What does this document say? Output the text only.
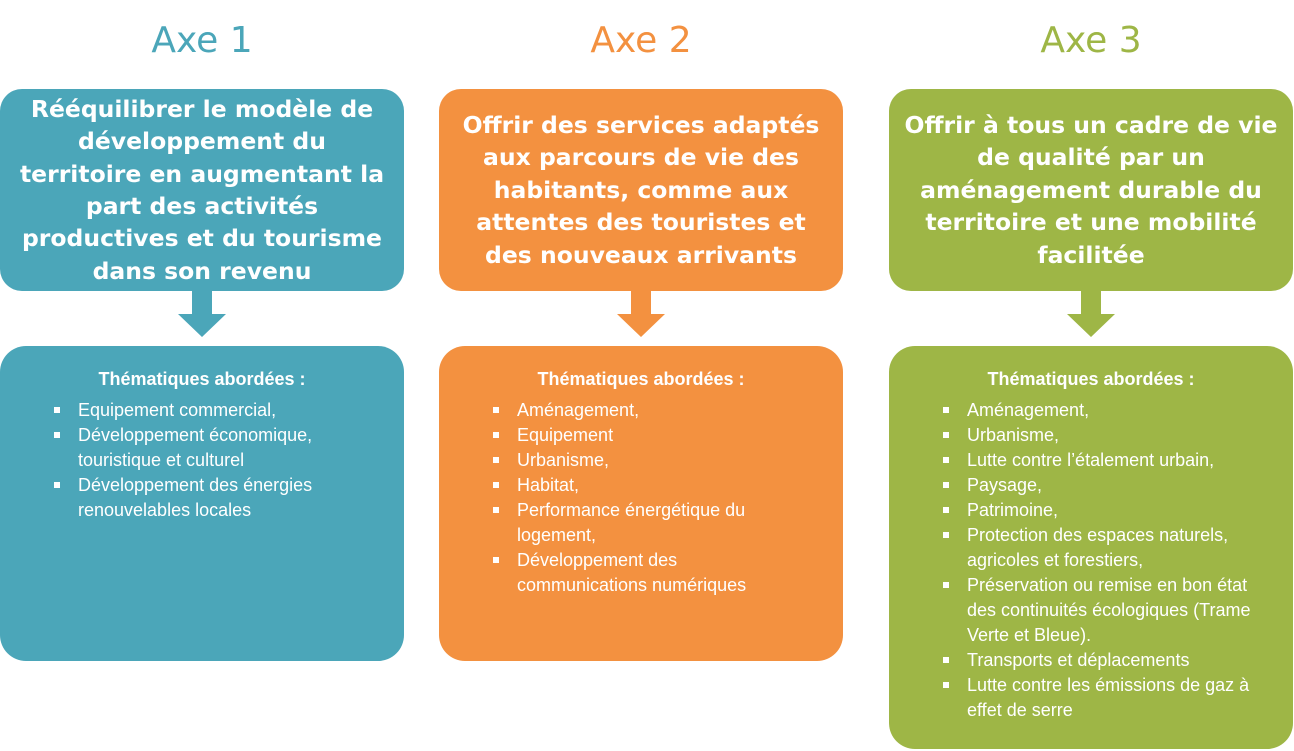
Axe 1
Rééquilibrer le modèle de développement du territoire en augmentant la part des activités productives et du tourisme dans son revenu
Thématiques abordées :
Equipement commercial,
Développement économique, touristique et culturel
Développement des énergies renouvelables locales
Axe 2
Offrir des services adaptés aux parcours de vie des habitants, comme aux attentes des touristes et des nouveaux arrivants
Thématiques abordées :
Aménagement,
Equipement
Urbanisme,
Habitat,
Performance énergétique du logement,
Développement des communications numériques
Axe 3
Offrir à tous un cadre de vie de qualité par un aménagement durable du territoire et une mobilité facilitée
Thématiques abordées :
Aménagement,
Urbanisme,
Lutte contre l’étalement urbain,
Paysage,
Patrimoine,
Protection des espaces naturels, agricoles et forestiers,
Préservation ou remise en bon état des continuités écologiques (Trame Verte et Bleue).
Transports et déplacements
Lutte contre les émissions de gaz à effet de serre
